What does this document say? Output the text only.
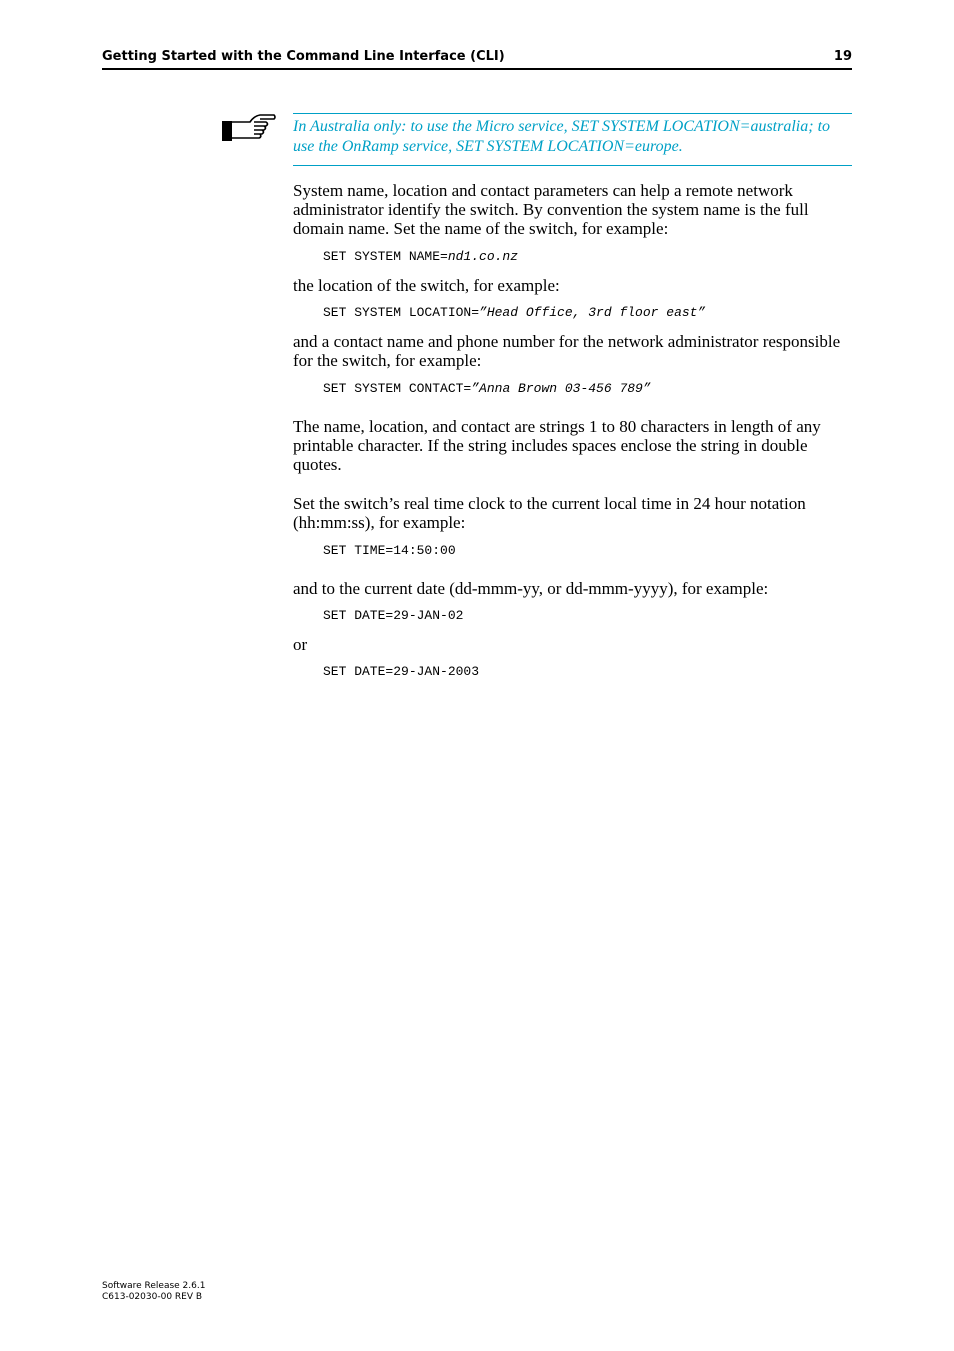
Getting Started with the Command Line Interface (CLI)	19
In Australia only: to use the Micro service, SET SYSTEM LOCATION=australia; to use the OnRamp service, SET SYSTEM LOCATION=europe.

System name, location and contact parameters can help a remote network administrator identify the switch. By convention the system name is the full domain name. Set the name of the switch, for example:

SET SYSTEM NAME=nd1.co.nz

the location of the switch, for example:

SET SYSTEM LOCATION=”Head Office, 3rd floor east”

and a contact name and phone number for the network administrator responsible for the switch, for example:

SET SYSTEM CONTACT=”Anna Brown 03-456 789”

The name, location, and contact are strings 1 to 80 characters in length of any printable character. If the string includes spaces enclose the string in double quotes.

Set the switch’s real time clock to the current local time in 24 hour notation (hh:mm:ss), for example:

SET TIME=14:50:00

and to the current date (dd-mmm-yy, or dd-mmm-yyyy), for example:

SET DATE=29-JAN-02

or

SET DATE=29-JAN-2003
Software Release 2.6.1
C613-02030-00 REV B
